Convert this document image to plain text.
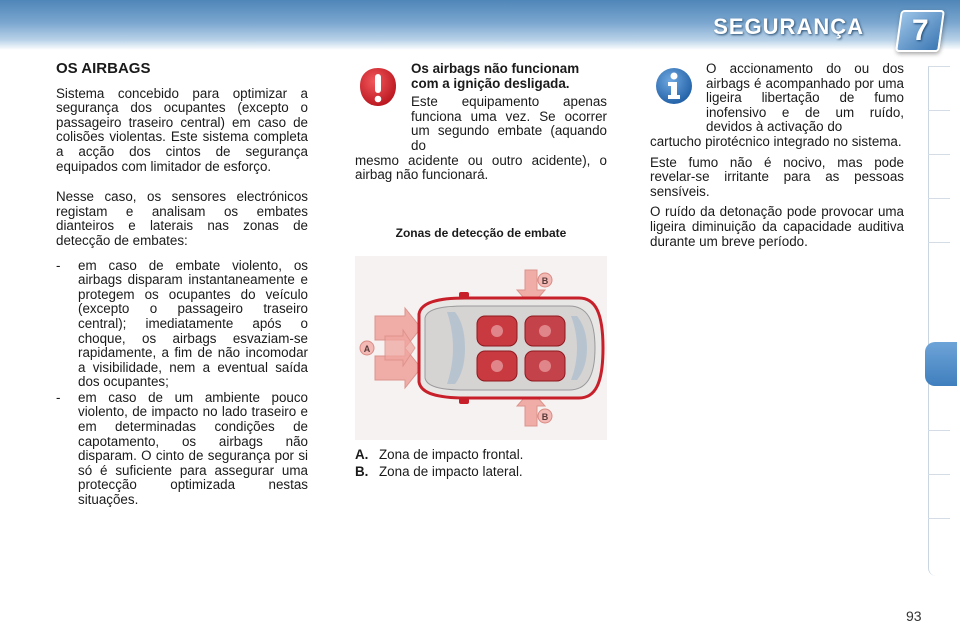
SEGURANÇA 7
OS AIRBAGS

Sistema concebido para optimizar a segurança dos ocupantes (excepto o passageiro traseiro central) em caso de colisões violentas. Este sistema completa a acção dos cintos de segurança equipados com limitador de esforço.

Nesse caso, os sensores electrónicos registam e analisam os embates dianteiros e laterais nas zonas de detecção de embates:

- em caso de embate violento, os airbags disparam instantaneamente e protegem os ocupantes do veículo (excepto o passageiro traseiro central); imediatamente após o choque, os airbags esvaziam-se rapidamente, a fim de não incomodar a visibilidade, nem a eventual saída dos ocupantes;
- em caso de um ambiente pouco violento, de impacto no lado traseiro e em determinadas condições de capotamento, os airbags não disparam. O cinto de segurança por si só é suficiente para assegurar uma protecção optimizada nestas situações.
Os airbags não funcionam com a ignição desligada.

Este equipamento apenas funciona uma vez. Se ocorrer um segundo embate (aquando do
mesmo acidente ou outro acidente), o airbag não funcionará.

Zonas de detecção de embate
A
B
B
A. Zona de impacto frontal.
B. Zona de impacto lateral.

O accionamento do ou dos airbags é acompanhado por uma ligeira libertação de fumo inofensivo e de um ruído, devidos à activação do
cartucho pirotécnico integrado no sistema.

Este fumo não é nocivo, mas pode revelar-se irritante para as pessoas sensíveis.

O ruído da detonação pode provocar uma ligeira diminuição da capacidade auditiva durante um breve período.

93
